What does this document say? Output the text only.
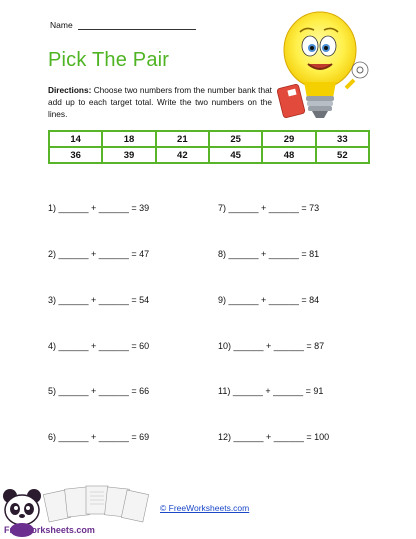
Name
Pick The Pair
Directions: Choose two numbers from the number bank that add up to each target total. Write the two numbers on the lines.
14	18	21	25	29	33
36	39	42	45	48	52
1) ______ + ______ = 39
2) ______ + ______ = 47
3) ______ + ______ = 54
4) ______ + ______ = 60
5) ______ + ______ = 66
6) ______ + ______ = 69
7) ______ + ______ = 73
8) ______ + ______ = 81
9) ______ + ______ = 84
10) ______ + ______ = 87
11) ______ + ______ = 91
12) ______ + ______ = 100
FreeWorksheets.com
© FreeWorksheets.com
